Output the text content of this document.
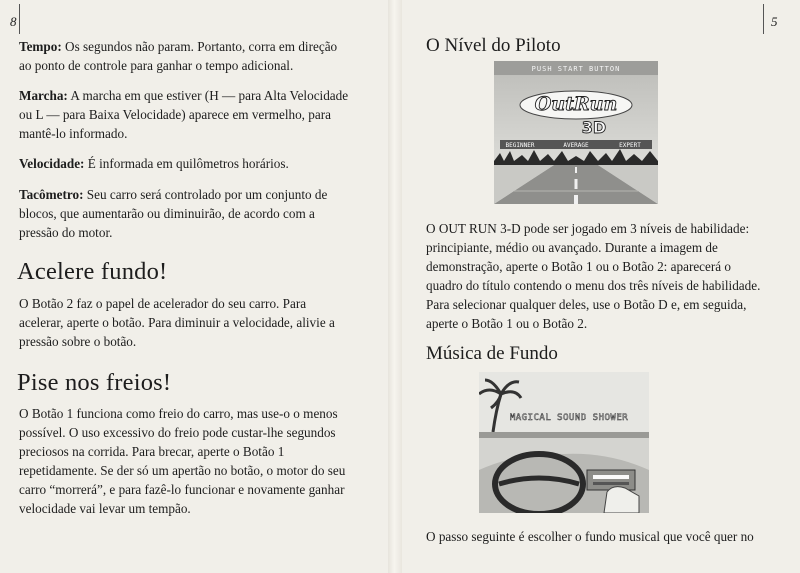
8

Tempo: Os segundos não param. Portanto, corra em direção ao ponto de controle para ganhar o tempo adicional.

Marcha: A marcha em que estiver (H — para Alta Velocidade ou L — para Baixa Velocidade) aparece em vermelho, para mantê-lo informado.

Velocidade: É informada em quilômetros horários.

Tacômetro: Seu carro será controlado por um conjunto de blocos, que aumentarão ou diminuirão, de acordo com a pressão do motor.

Acelere fundo!

O Botão 2 faz o papel de acelerador do seu carro. Para acelerar, aperte o botão. Para diminuir a velocidade, alivie a pressão sobre o botão.

Pise nos freios!

O Botão 1 funciona como freio do carro, mas use-o o menos possível. O uso excessivo do freio pode custar-lhe segundos preciosos na corrida. Para brecar, aperte o Botão 1 repetidamente. Se der só um apertão no botão, o motor do seu carro “morrerá”, e para fazê-lo funcionar e novamente ganhar velocidade vai levar um tempão.

5
O Nível do Piloto
PUSH START BUTTON
OutRun
3D
BEGINNER	AVERAGE	EXPERT

O OUT RUN 3-D pode ser jogado em 3 níveis de habilidade: principiante, médio ou avançado. Durante a imagem de demonstração, aperte o Botão 1 ou o Botão 2: aparecerá o quadro do título contendo o menu dos três níveis de habilidade. Para selecionar qualquer deles, use o Botão D e, em seguida, aperte o Botão 1 ou o Botão 2.

Música de Fundo
MAGICAL SOUND SHOWER

O passo seguinte é escolher o fundo musical que você quer no
